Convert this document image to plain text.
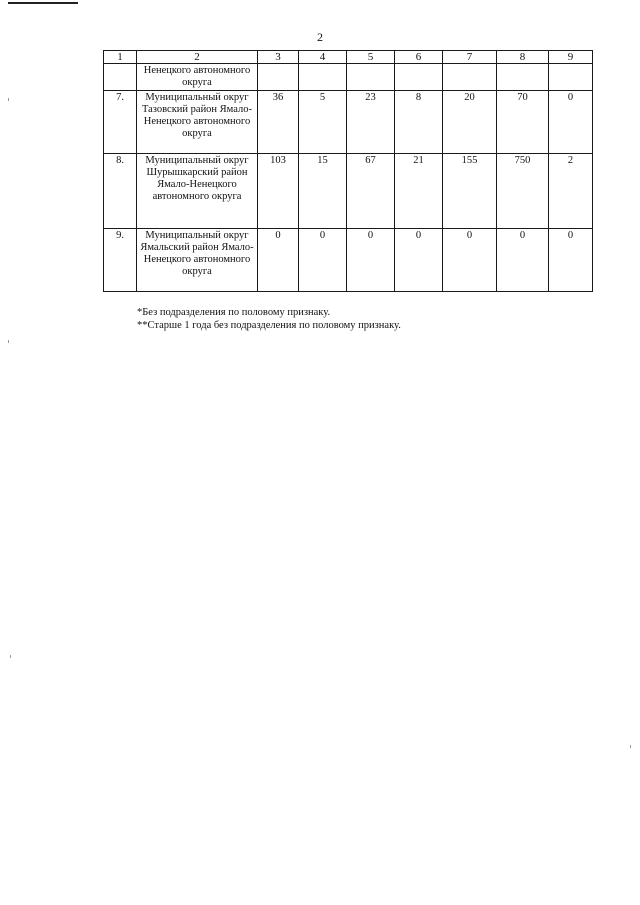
2
1	2	3	4	5	6	7	8	9
	Ненецкого автономного округа							
7.	Муниципальный округ Тазовский район Ямало-Ненецкого автономного округа	36	5	23	8	20	70	0
8.	Муниципальный округ Шурышкарский район Ямало-Ненецкого автономного округа	103	15	67	21	155	750	2
9.	Муниципальный округ Ямальский район Ямало-Ненецкого автономного округа	0	0	0	0	0	0	0
*Без подразделения по половому признаку.
**Старше 1 года без подразделения по половому признаку.
